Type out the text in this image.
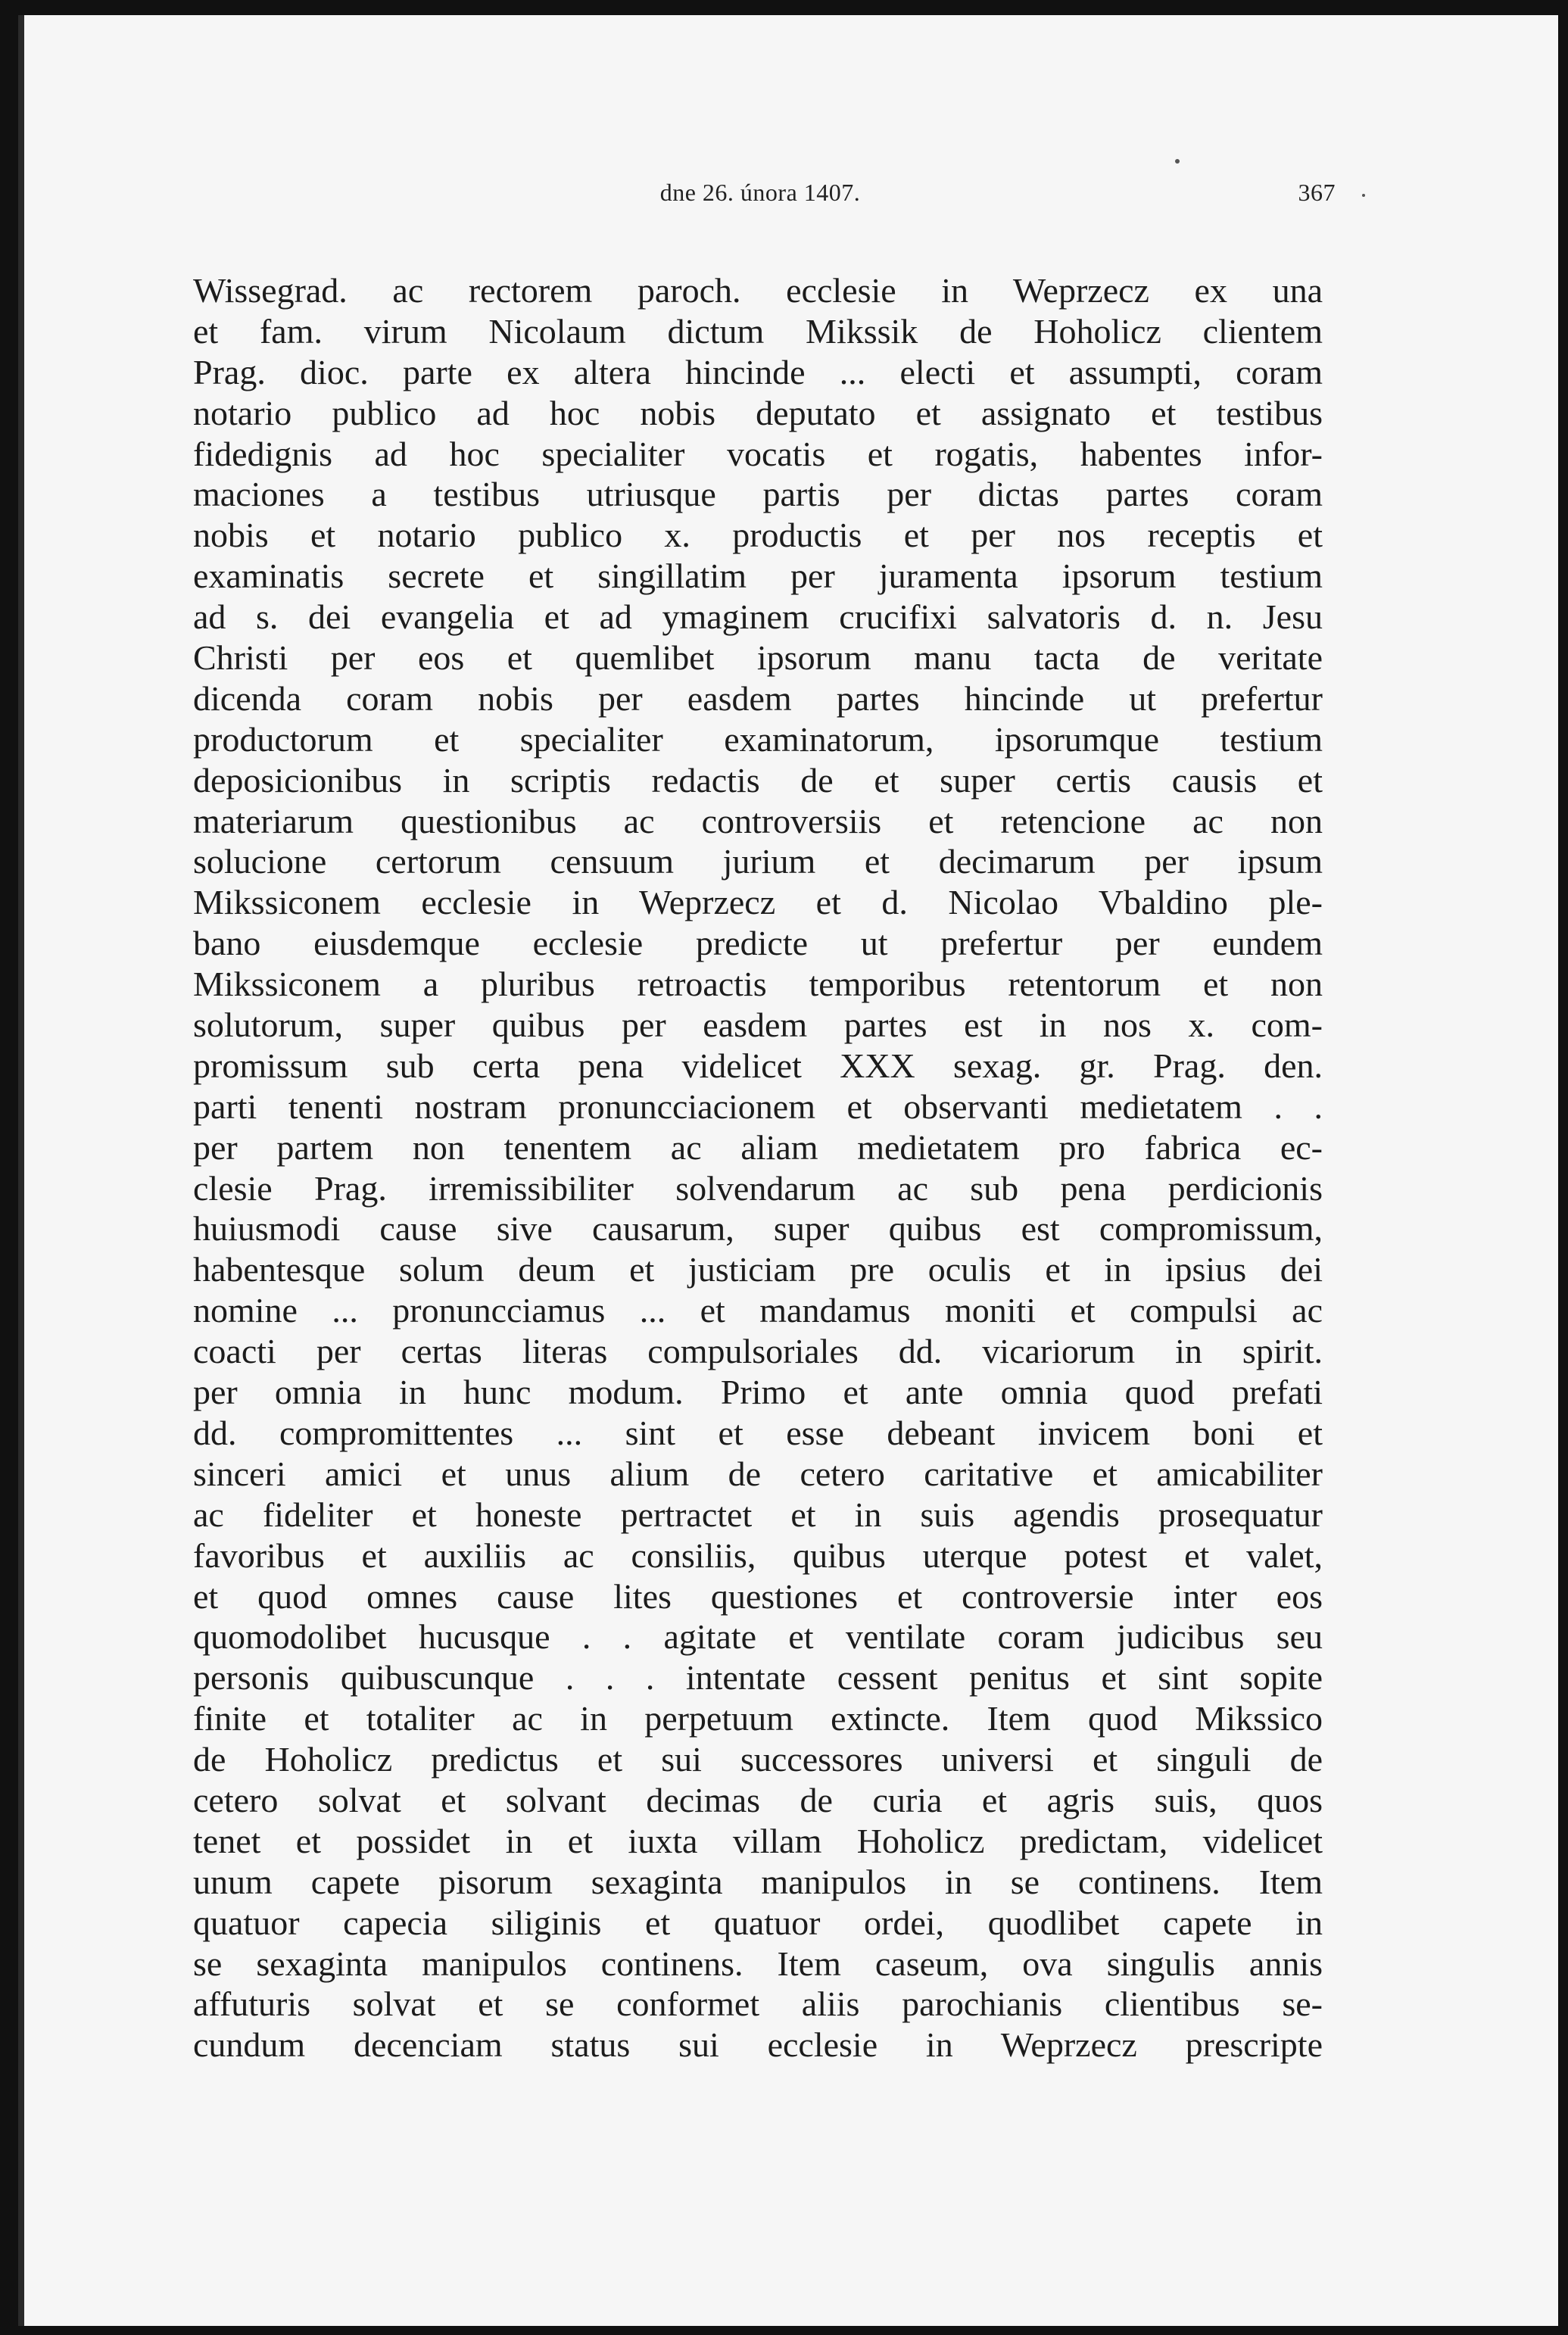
dne 26. února 1407.	367
Wissegrad. ac rectorem paroch. ecclesie in Weprzecz ex una
et fam. virum Nicolaum dictum Mikssik de Hoholicz clientem
Prag. dioc. parte ex altera hincinde ... electi et assumpti, coram
notario publico ad hoc nobis deputato et assignato et testibus
fidedignis ad hoc specialiter vocatis et rogatis, habentes infor-
maciones a testibus utriusque partis per dictas partes coram
nobis et notario publico x. productis et per nos receptis et
examinatis secrete et singillatim per juramenta ipsorum testium
ad s. dei evangelia et ad ymaginem crucifixi salvatoris d. n. Jesu
Christi per eos et quemlibet ipsorum manu tacta de veritate
dicenda coram nobis per easdem partes hincinde ut prefertur
productorum et specialiter examinatorum, ipsorumque testium
deposicionibus in scriptis redactis de et super certis causis et
materiarum questionibus ac controversiis et retencione ac non
solucione certorum censuum jurium et decimarum per ipsum
Mikssiconem ecclesie in Weprzecz et d. Nicolao Vbaldino ple-
bano eiusdemque ecclesie predicte ut prefertur per eundem
Mikssiconem a pluribus retroactis temporibus retentorum et non
solutorum, super quibus per easdem partes est in nos x. com-
promissum sub certa pena videlicet XXX sexag. gr. Prag. den.
parti tenenti nostram pronuncciacionem et observanti medietatem . .
per partem non tenentem ac aliam medietatem pro fabrica ec-
clesie Prag. irremissibiliter solvendarum ac sub pena perdicionis
huiusmodi cause sive causarum, super quibus est compromissum,
habentesque solum deum et justiciam pre oculis et in ipsius dei
nomine ... pronuncciamus ... et mandamus moniti et compulsi ac
coacti per certas literas compulsoriales dd. vicariorum in spirit.
per omnia in hunc modum. Primo et ante omnia quod prefati
dd. compromittentes ... sint et esse debeant invicem boni et
sinceri amici et unus alium de cetero caritative et amicabiliter
ac fideliter et honeste pertractet et in suis agendis prosequatur
favoribus et auxiliis ac consiliis, quibus uterque potest et valet,
et quod omnes cause lites questiones et controversie inter eos
quomodolibet hucusque . . agitate et ventilate coram judicibus seu
personis quibuscunque . . . intentate cessent penitus et sint sopite
finite et totaliter ac in perpetuum extincte. Item quod Mikssico
de Hoholicz predictus et sui successores universi et singuli de
cetero solvat et solvant decimas de curia et agris suis, quos
tenet et possidet in et iuxta villam Hoholicz predictam, videlicet
unum capete pisorum sexaginta manipulos in se continens. Item
quatuor capecia siliginis et quatuor ordei, quodlibet capete in
se sexaginta manipulos continens. Item caseum, ova singulis annis
affuturis solvat et se conformet aliis parochianis clientibus se-
cundum decenciam status sui ecclesie in Weprzecz prescripte
